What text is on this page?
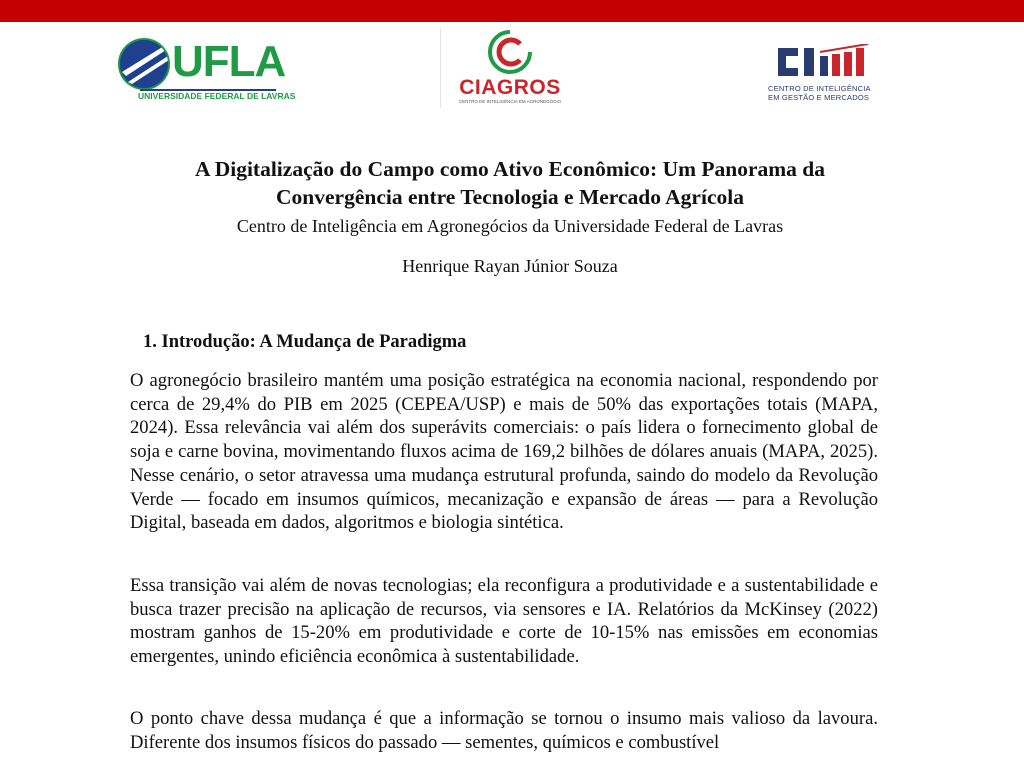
UFLA
UNIVERSIDADE FEDERAL DE LAVRAS	CIAGROS
CENTRO DE INTELIGÊNCIA EM AGRONEGÓCIO
CENTRO DE INTELIGÊNCIA
EM GESTÃO E MERCADOS
A Digitalização do Campo como Ativo Econômico: Um Panorama da Convergência entre Tecnologia e Mercado Agrícola
Centro de Inteligência em Agronegócios da Universidade Federal de Lavras
Henrique Rayan Júnior Souza
1. Introdução: A Mudança de Paradigma

O agronegócio brasileiro mantém uma posição estratégica na economia nacional, respondendo por cerca de 29,4% do PIB em 2025 (CEPEA/USP) e mais de 50% das exportações totais (MAPA, 2024). Essa relevância vai além dos superávits comerciais: o país lidera o fornecimento global de soja e carne bovina, movimentando fluxos acima de 169,2 bilhões de dólares anuais (MAPA, 2025). Nesse cenário, o setor atravessa uma mudança estrutural profunda, saindo do modelo da Revolução Verde — focado em insumos químicos, mecanização e expansão de áreas — para a Revolução Digital, baseada em dados, algoritmos e biologia sintética.

Essa transição vai além de novas tecnologias; ela reconfigura a produtividade e a sustentabilidade e busca trazer precisão na aplicação de recursos, via sensores e IA. Relatórios da McKinsey (2022) mostram ganhos de 15-20% em produtividade e corte de 10-15% nas emissões em economias emergentes, unindo eficiência econômica à sustentabilidade.

O ponto chave dessa mudança é que a informação se tornou o insumo mais valioso da lavoura. Diferente dos insumos físicos do passado — sementes, químicos e combustível
